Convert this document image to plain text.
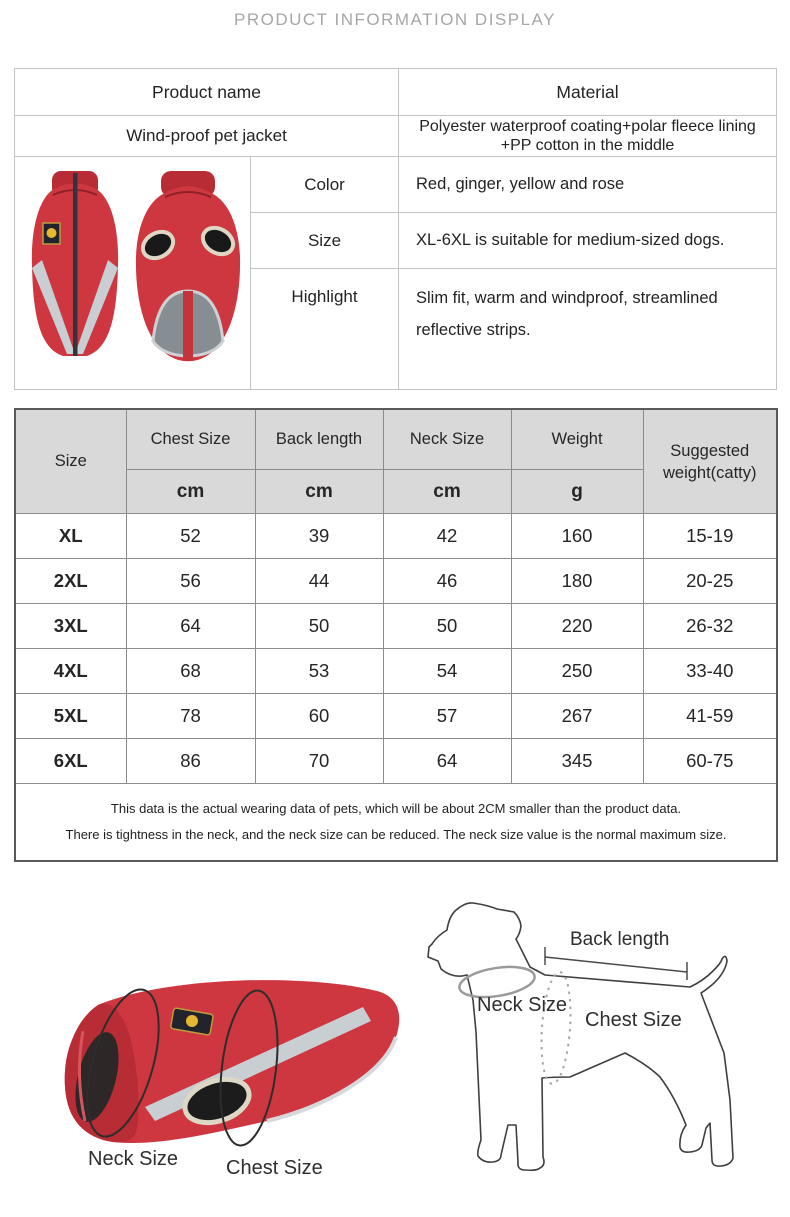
PRODUCT INFORMATION DISPLAY
Product name		Material
Wind-proof pet jacket		Polyester waterproof coating+polar fleece lining
+PP cotton in the middle
	Color	Red, ginger, yellow and rose
	Size	XL-6XL is suitable for medium-sized dogs.
	Highlight	Slim fit, warm and windproof, streamlined
reflective strips.
Size	Chest Size	Back length	Neck Size	Weight	Suggested weight(catty)
	cm	cm	cm	g	
XL	52	39	42	160	15-19
2XL	56	44	46	180	20-25
3XL	64	50	50	220	26-32
4XL	68	53	54	250	33-40
5XL	78	60	57	267	41-59
6XL	86	70	64	345	60-75
This data is the actual wearing data of pets, which will be about 2CM smaller than the product data.
There is tightness in the neck, and the neck size can be reduced. The neck size value is the normal maximum size.					
Back length
Neck Size
Chest Size
Neck Size Chest Size
